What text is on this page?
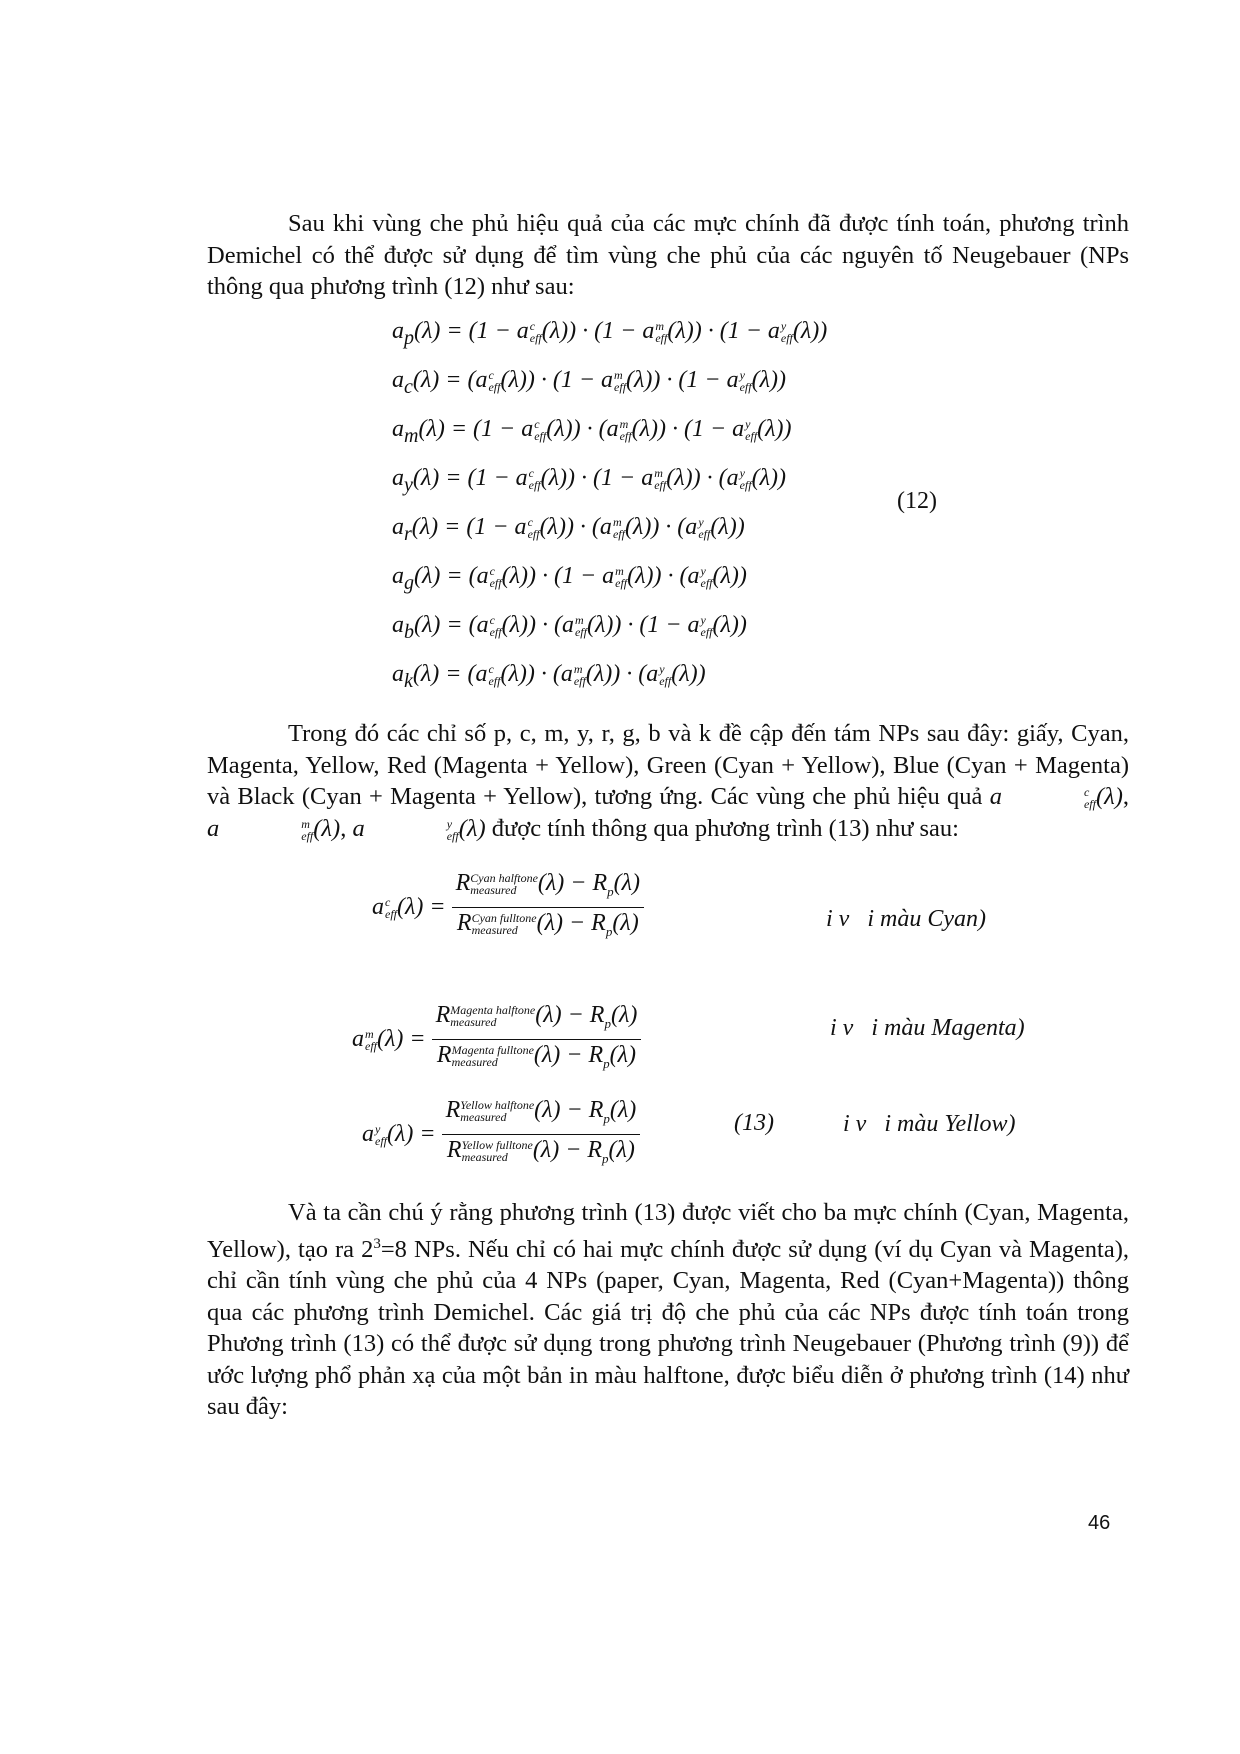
Sau khi vùng che phủ hiệu quả của các mực chính đã được tính toán, phương trình Demichel có thể được sử dụng để tìm vùng che phủ của các nguyên tố Neugebauer (NPs thông qua phương trình (12) như sau:

$a_p(\lambda) = (1 - a$ c
eff (λ)) · (1 − a m
eff (λ)) · (1 − a y
eff (λ))
$a_c(\lambda) = (a$ c
eff (λ)) · (1 − a m
eff (λ)) · (1 − a y
eff (λ))
$a_m(\lambda) = (1 - a$ c
eff (λ)) · (a m
eff (λ)) · (1 − a y
eff (λ))
$a_y(\lambda) = (1 - a$ c
eff (λ)) · (1 − a m
eff (λ)) · (a y
eff (λ))
$a_r(\lambda) = (1 - a$ c
eff (λ)) · (a m
eff (λ)) · (a y
eff (λ))
$a_g(\lambda) = (a$ c
eff (λ)) · (1 − a m
eff (λ)) · (a y
eff (λ))
$a_b(\lambda) = (a$ c
eff (λ)) · (a m
eff (λ)) · (1 − a y
eff (λ))
$a_k(\lambda) = (a$ c
eff (λ)) · (a m
eff (λ)) · (a y
eff (λ))
(12)

Trong đó các chỉ số p, c, m, y, r, g, b và k đề cập đến tám NPs sau đây: giấy, Cyan, Magenta, Yellow, Red (Magenta + Yellow), Green (Cyan + Yellow), Blue (Cyan + Magenta) và Black (Cyan + Magenta + Yellow), tương ứng. Các vùng che phủ hiệu quả a	c
eff (λ), a	m
eff (λ), a	y
eff (λ) được tính thông qua phương trình (13) như sau:

a c
eff (λ) = R Cyan halftone
measured $(\lambda) - R_p(\lambda)$
R Cyan fulltone
measured $(\lambda) - R_p(\lambda)$	i v   i màu Cyan)
a m
eff (λ) = R Magenta halftone
measured	$(\lambda) - R_p(\lambda)$
R Magenta fulltone
measured	$(\lambda) - R_p(\lambda)$	i v   i màu Magenta)
a y
eff (λ) = R Yellow halftone
measured	$(\lambda) - R_p(\lambda)$
R Yellow fulltone
measured	$(\lambda) - R_p(\lambda)$	i v   i màu Yellow)
(13)

Và ta cần chú ý rằng phương trình (13) được viết cho ba mực chính (Cyan, Magenta, Yellow), tạo ra $2^3=8$ NPs. Nếu chỉ có hai mực chính được sử dụng (ví dụ Cyan và Magenta), chỉ cần tính vùng che phủ của 4 NPs (paper, Cyan, Magenta, Red (Cyan+Magenta)) thông qua các phương trình Demichel. Các giá trị độ che phủ của các NPs được tính toán trong Phương trình (13) có thể được sử dụng trong phương trình Neugebauer (Phương trình (9)) để ước lượng phổ phản xạ của một bản in màu halftone, được biểu diễn ở phương trình (14) như sau đây:

46
